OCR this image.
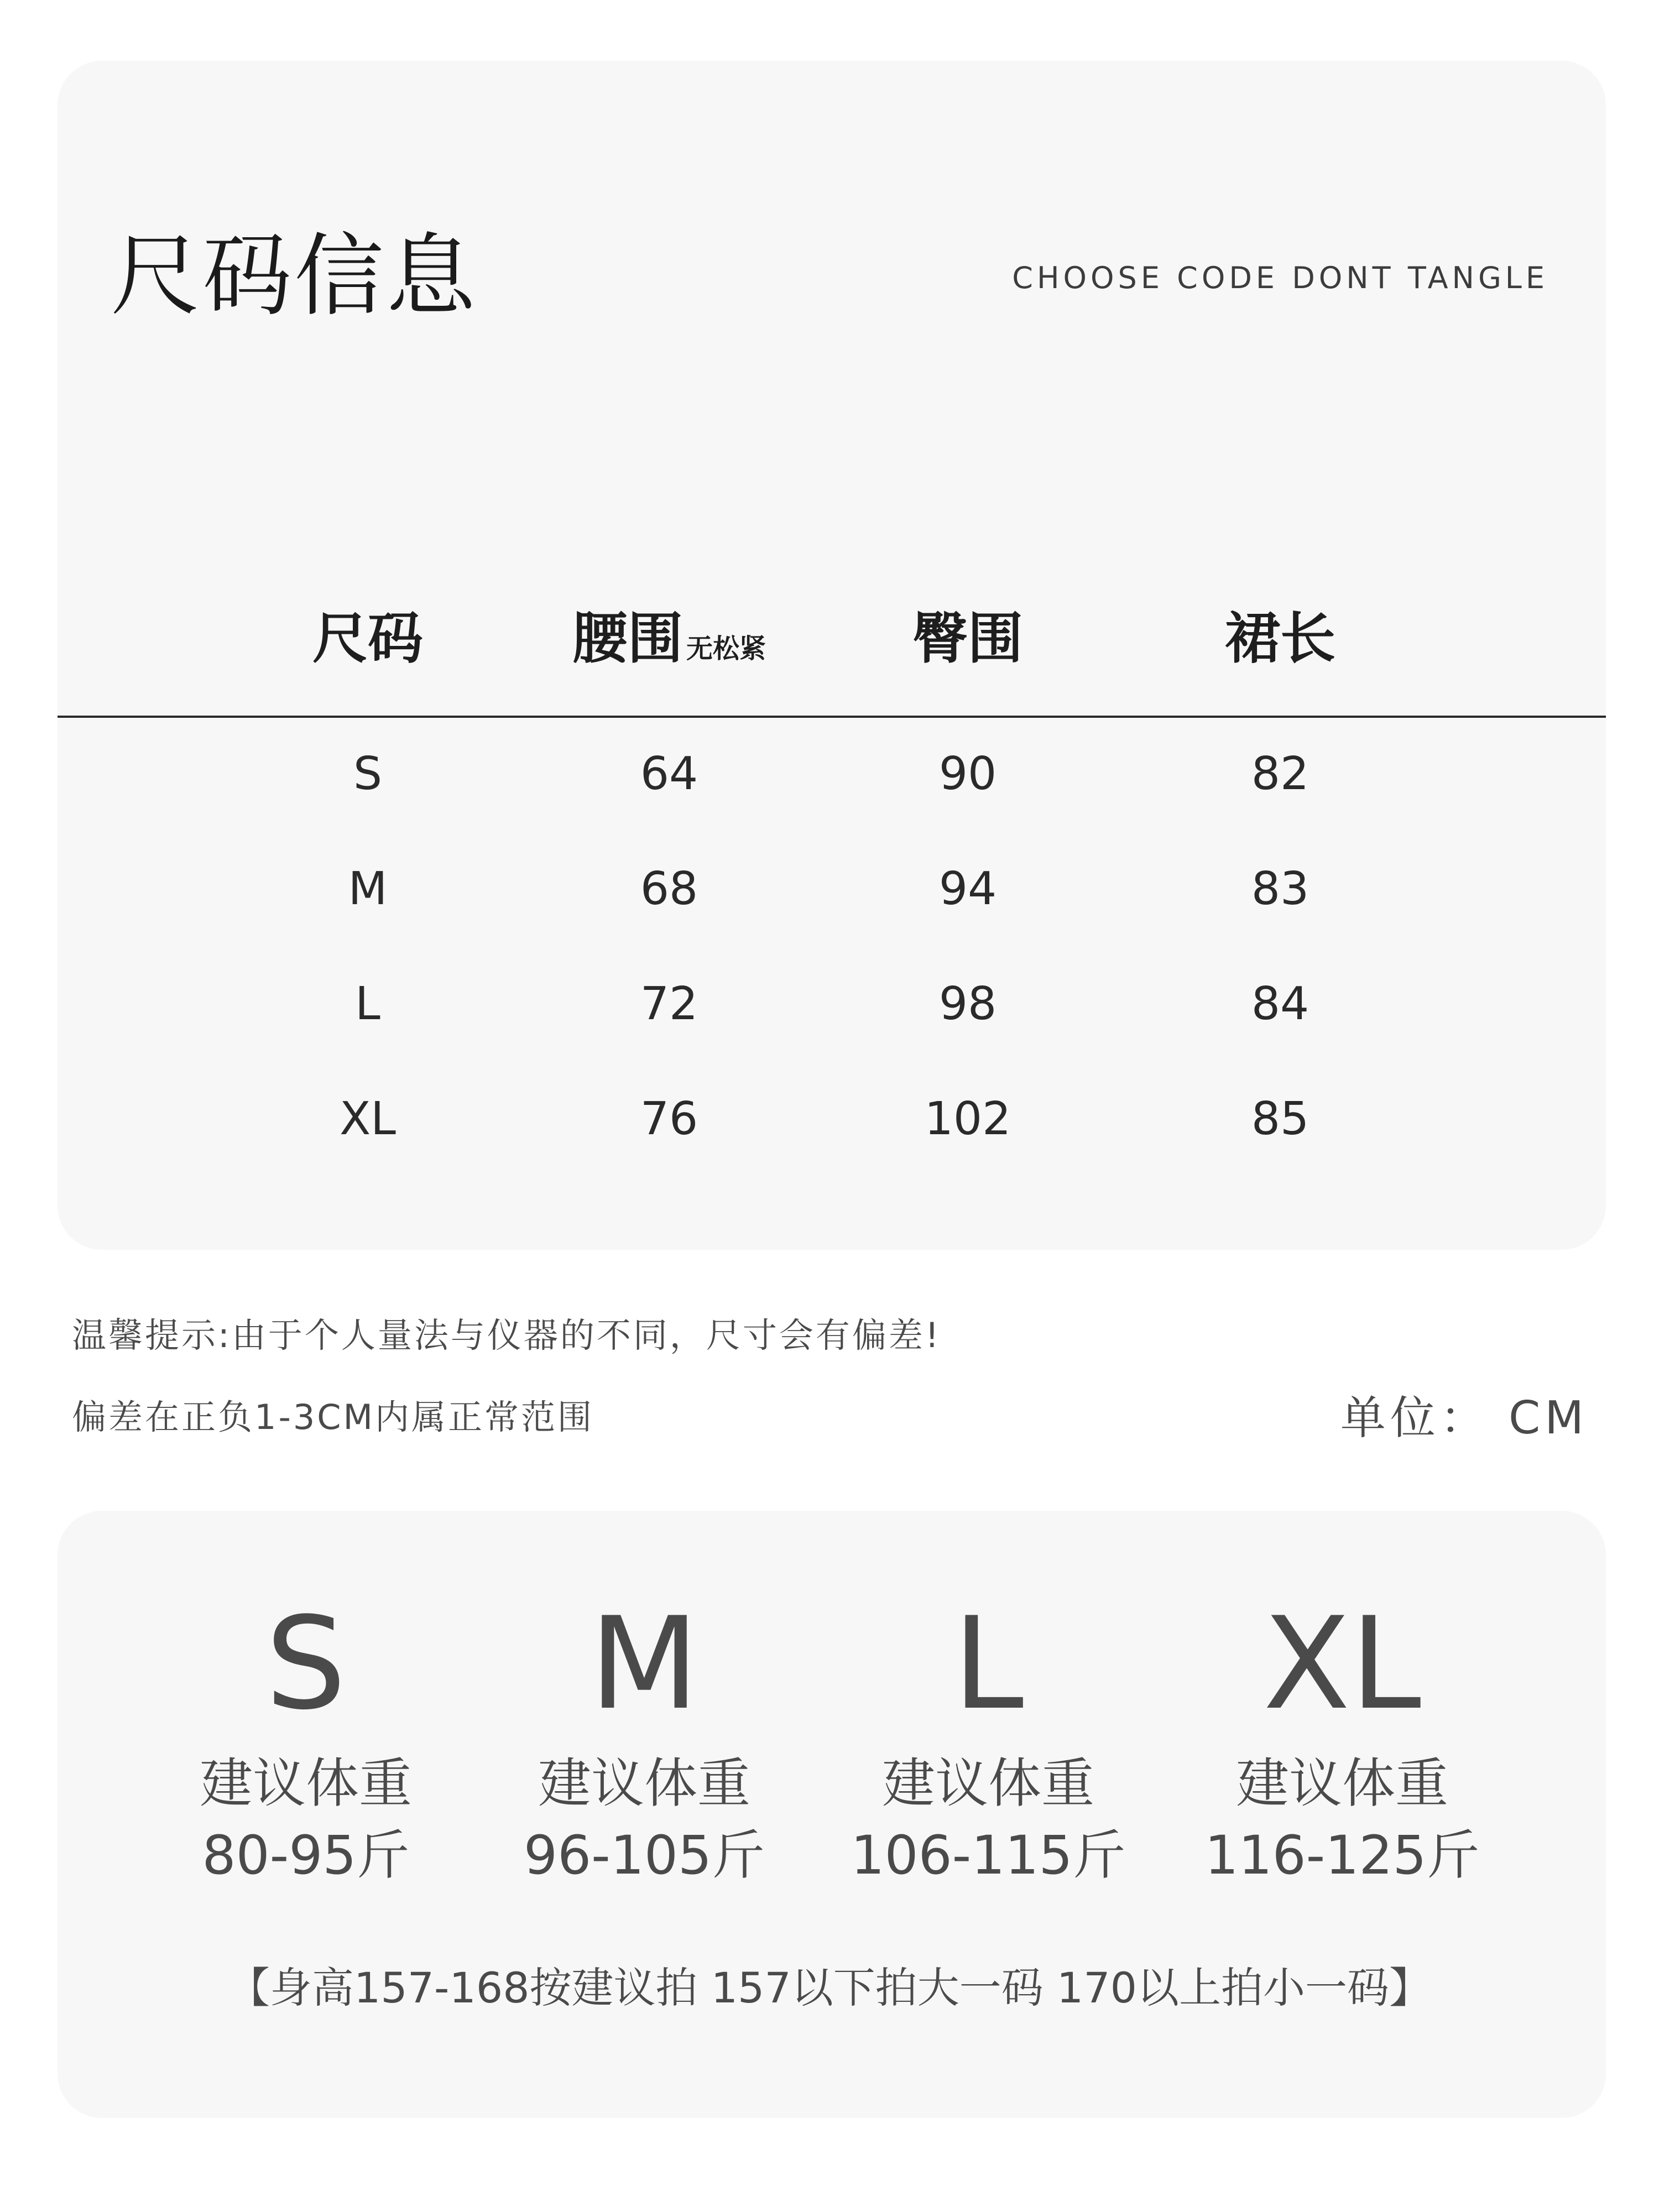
尺码信息	CHOOSE CODE DONT TANGLE
尺码	腰围 无松紧	臀围	裙长
S	64	90	82
M	68	94	83
L	72	98	84
XL	76	102	85
温馨提示:由于个人量法与仪器的不同，尺寸会有偏差!
偏差在正负1-3CM内属正常范围	单位： CM
S
建议体重
80-95斤
M
建议体重
96-105斤
L
建议体重
106-115斤
XL
建议体重
116-125斤
【身高157-168按建议拍 157以下拍大一码 170以上拍小一码】
